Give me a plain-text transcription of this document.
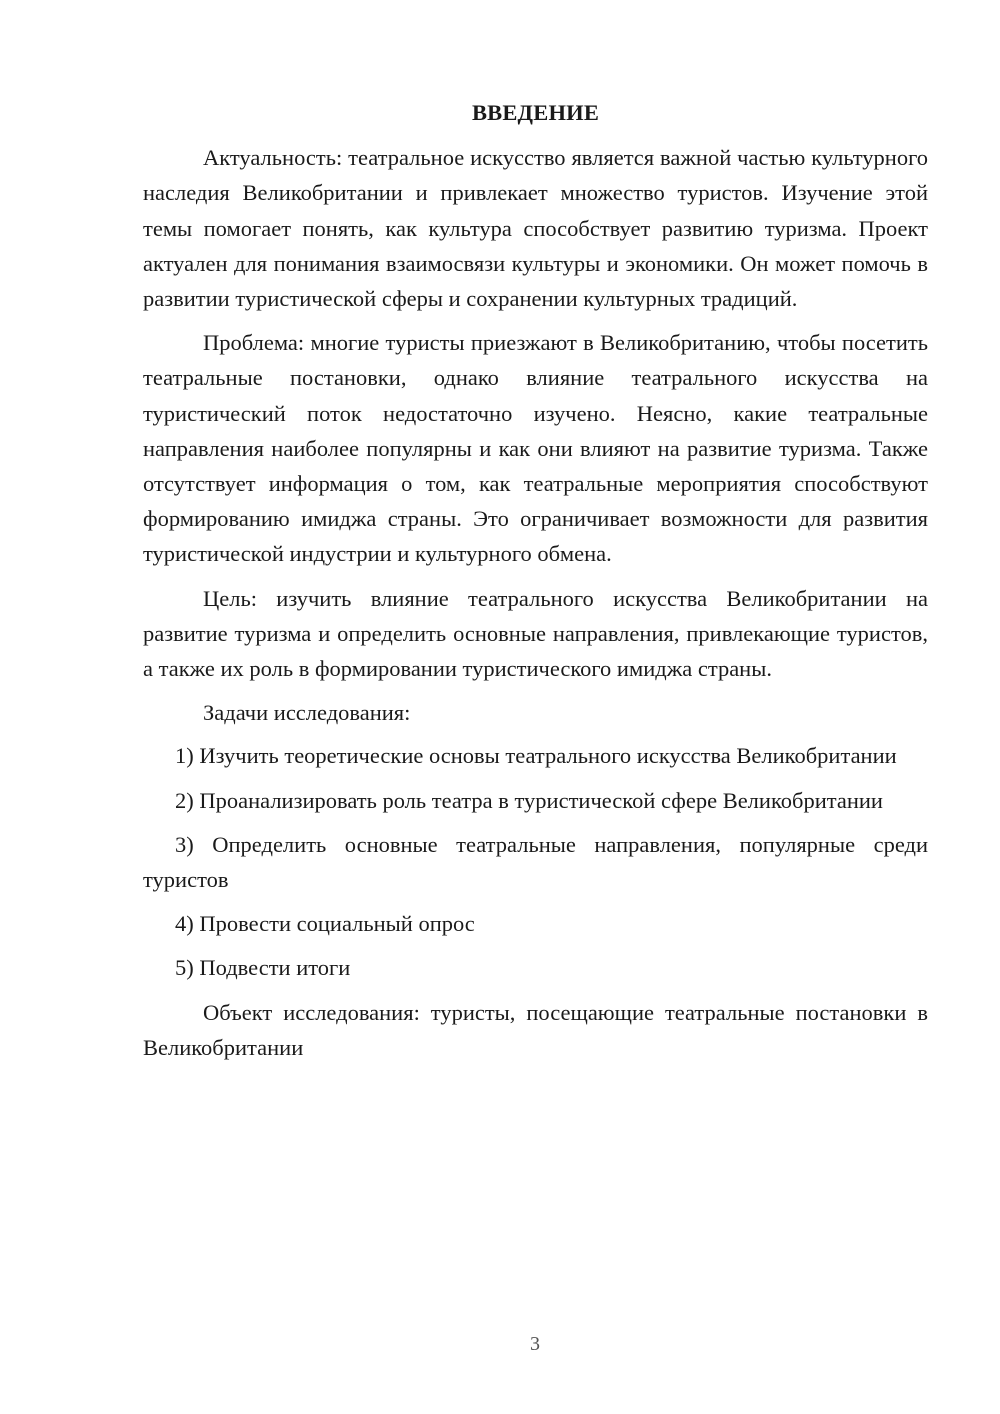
ВВЕДЕНИЕ

Актуальность: театральное искусство является важной частью культурного наследия Великобритании и привлекает множество туристов. Изучение этой темы помогает понять, как культура способствует развитию туризма. Проект актуален для понимания взаимосвязи культуры и экономики. Он может помочь в развитии туристической сферы и сохранении культурных традиций.

Проблема: многие туристы приезжают в Великобританию, чтобы посетить театральные постановки, однако влияние театрального искусства на туристический поток недостаточно изучено. Неясно, какие театральные направления наиболее популярны и как они влияют на развитие туризма. Также отсутствует информация о том, как театральные мероприятия способствуют формированию имиджа страны. Это ограничивает возможности для развития туристической индустрии и культурного обмена.

Цель: изучить влияние театрального искусства Великобритании на развитие туризма и определить основные направления, привлекающие туристов, а также их роль в формировании туристического имиджа страны.

Задачи исследования:

1) Изучить теоретические основы театрального искусства Великобритании

2) Проанализировать роль театра в туристической сфере Великобритании

3) Определить основные театральные направления, популярные среди туристов

4) Провести социальный опрос

5) Подвести итоги

Объект исследования: туристы, посещающие театральные постановки в Великобритании

3
